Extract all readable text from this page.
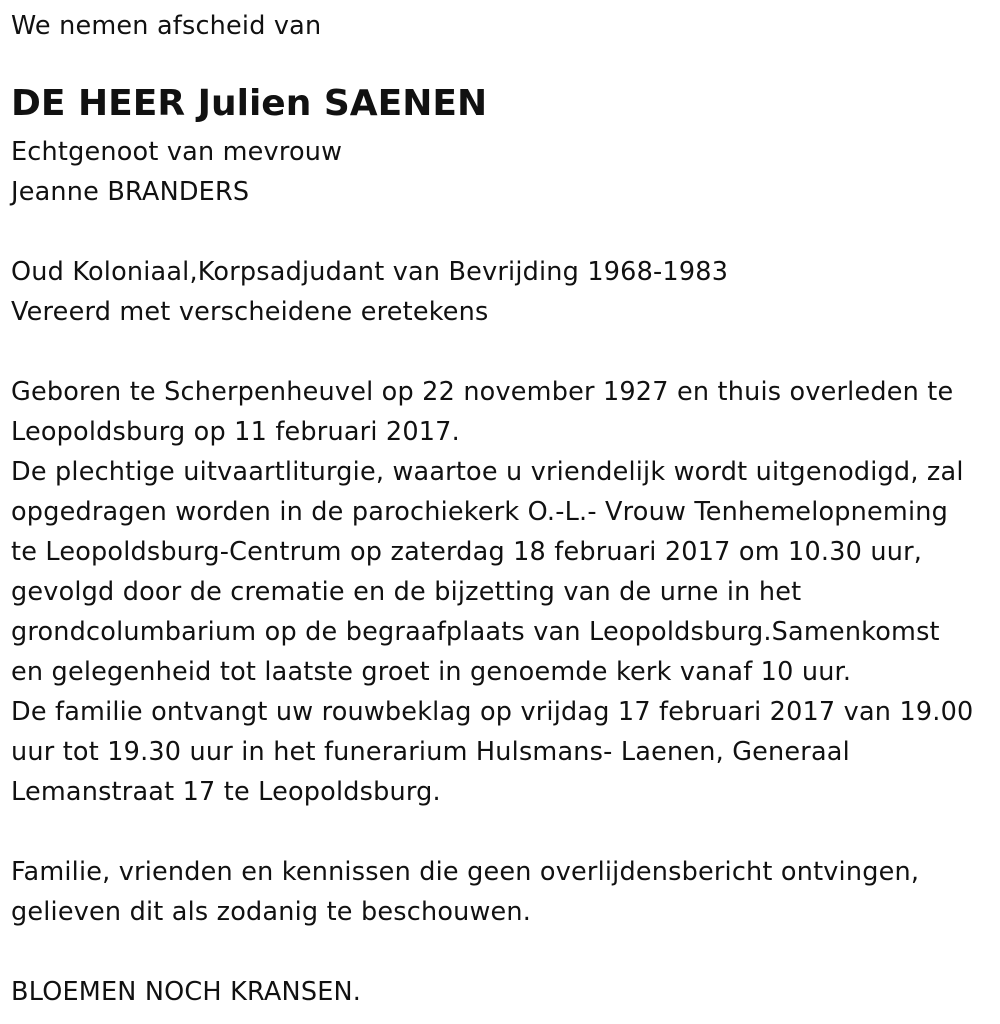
We nemen afscheid van
DE HEER Julien SAENEN
Echtgenoot van mevrouw
Jeanne BRANDERS
Oud Koloniaal,Korpsadjudant van Bevrijding 1968-1983
Vereerd met verscheidene eretekens
Geboren te Scherpenheuvel op 22 november 1927 en thuis overleden te
Leopoldsburg op 11 februari 2017.
De plechtige uitvaartliturgie, waartoe u vriendelijk wordt uitgenodigd, zal
opgedragen worden in de parochiekerk O.-L.- Vrouw Tenhemelopneming
te Leopoldsburg-Centrum op zaterdag 18 februari 2017 om 10.30 uur,
gevolgd door de crematie en de bijzetting van de urne in het
grondcolumbarium op de begraafplaats van Leopoldsburg.Samenkomst
en gelegenheid tot laatste groet in genoemde kerk vanaf 10 uur.
De familie ontvangt uw rouwbeklag op vrijdag 17 februari 2017 van 19.00
uur tot 19.30 uur in het funerarium Hulsmans- Laenen, Generaal
Lemanstraat 17 te Leopoldsburg.
Familie, vrienden en kennissen die geen overlijdensbericht ontvingen,
gelieven dit als zodanig te beschouwen.
BLOEMEN NOCH KRANSEN.
